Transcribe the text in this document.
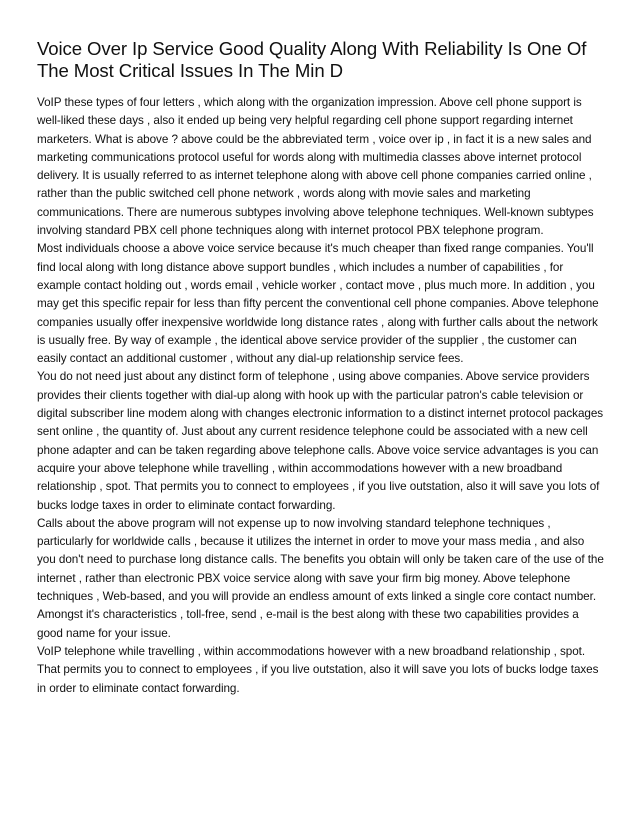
Voice Over Ip Service Good Quality Along With Reliability Is One Of The Most Critical Issues In The Min D

VoIP these types of four letters , which along with the organization impression. Above cell phone support is well-liked these days , also it ended up being very helpful regarding cell phone support regarding internet marketers. What is above ? above could be the abbreviated term , voice over ip , in fact it is a new sales and marketing communications protocol useful for words along with multimedia classes above internet protocol delivery. It is usually referred to as internet telephone along with above cell phone companies carried online , rather than the public switched cell phone network , words along with movie sales and marketing communications. There are numerous subtypes involving above telephone techniques. Well-known subtypes involving standard PBX cell phone techniques along with internet protocol PBX telephone program.

Most individuals choose a above voice service because it's much cheaper than fixed range companies. You'll find local along with long distance above support bundles , which includes a number of capabilities , for example contact holding out , words email , vehicle worker , contact move , plus much more. In addition , you may get this specific repair for less than fifty percent the conventional cell phone companies. Above telephone companies usually offer inexpensive worldwide long distance rates , along with further calls about the network is usually free. By way of example , the identical above service provider of the supplier , the customer can easily contact an additional customer , without any dial-up relationship service fees.

You do not need just about any distinct form of telephone , using above companies. Above service providers provides their clients together with dial-up along with hook up with the particular patron's cable television or digital subscriber line modem along with changes electronic information to a distinct internet protocol packages sent online , the quantity of. Just about any current residence telephone could be associated with a new cell phone adapter and can be taken regarding above telephone calls. Above voice service advantages is you can acquire your above telephone while travelling , within accommodations however with a new broadband relationship , spot. That permits you to connect to employees , if you live outstation, also it will save you lots of bucks lodge taxes in order to eliminate contact forwarding.

Calls about the above program will not expense up to now involving standard telephone techniques , particularly for worldwide calls , because it utilizes the internet in order to move your mass media , and also you don't need to purchase long distance calls. The benefits you obtain will only be taken care of the use of the internet , rather than electronic PBX voice service along with save your firm big money. Above telephone techniques , Web-based, and you will provide an endless amount of exts linked a single core contact number. Amongst it's characteristics , toll-free, send , e-mail is the best along with these two capabilities provides a good name for your issue.

VoIP telephone while travelling , within accommodations however with a new broadband relationship , spot. That permits you to connect to employees , if you live outstation, also it will save you lots of bucks lodge taxes in order to eliminate contact forwarding.
